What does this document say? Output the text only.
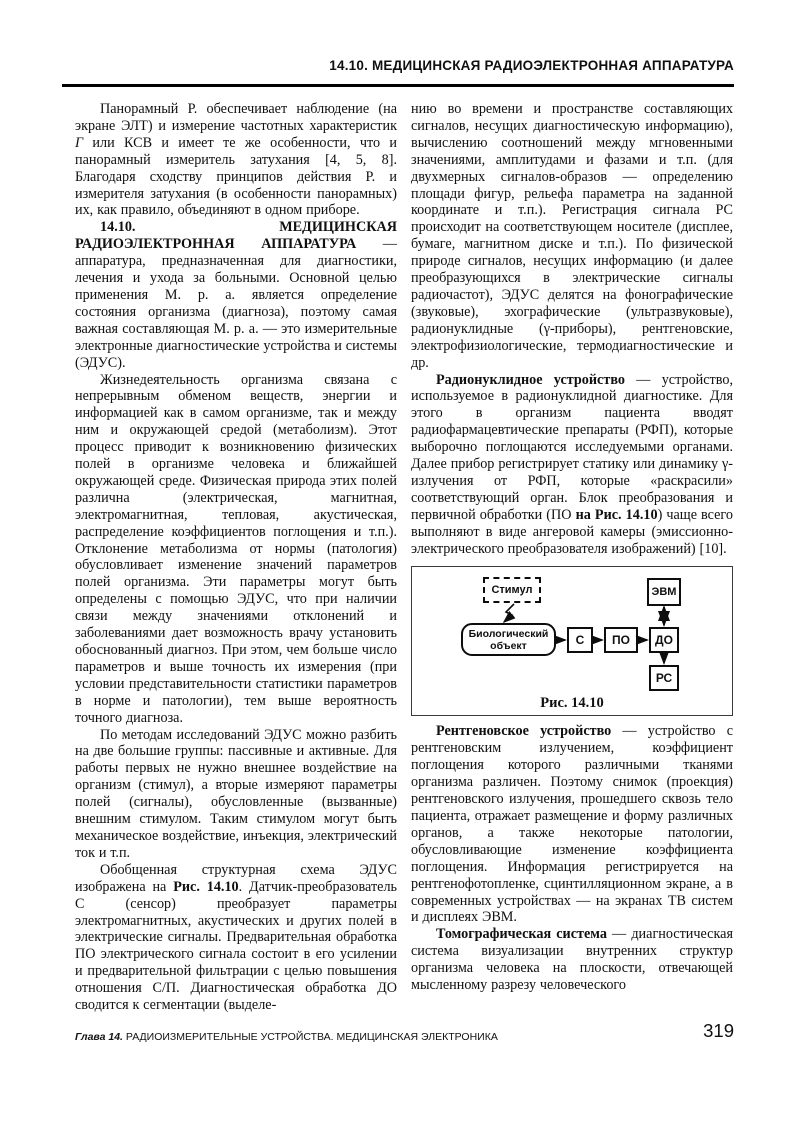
14.10. МЕДИЦИНСКАЯ РАДИОЭЛЕКТРОННАЯ АППАРАТУРА

Панорамный Р. обеспечивает наблюдение (на экране ЭЛТ) и измерение частотных характеристик Г или КСВ и имеет те же особенности, что и панорамный измеритель затухания [4, 5, 8]. Благодаря сходству принципов действия Р. и измерителя затухания (в особенности панорамных) их, как правило, объединяют в одном приборе.

14.10. МЕДИЦИНСКАЯ РАДИОЭЛЕКТРОННАЯ АППАРАТУРА — аппаратура, предназначенная для диагностики, лечения и ухода за больными. Основной целью применения М. р. а. является определение состояния организма (диагноза), поэтому самая важная составляющая М. р. а. — это измерительные электронные диагностические устройства и системы (ЭДУС).

Жизнедеятельность организма связана с непрерывным обменом веществ, энергии и информацией как в самом организме, так и между ним и окружающей средой (метаболизм). Этот процесс приводит к возникновению физических полей в организме человека и ближайшей окружающей среде. Физическая природа этих полей различна (электрическая, магнитная, электромагнитная, тепловая, акустическая, распределение коэффициентов поглощения и т.п.). Отклонение метаболизма от нормы (патология) обусловливает изменение значений параметров полей организма. Эти параметры могут быть определены с помощью ЭДУС, что при наличии связи между значениями отклонений и заболеваниями дает возможность врачу установить обоснованный диагноз. При этом, чем больше число параметров и выше точность их измерения (при условии представительности статистики параметров в норме и патологии), тем выше вероятность точного диагноза.

По методам исследований ЭДУС можно разбить на две большие группы: пассивные и активные. Для работы первых не нужно внешнее воздействие на организм (стимул), а вторые измеряют параметры полей (сигналы), обусловленные (вызванные) внешним стимулом. Таким стимулом могут быть механическое воздействие, инъекция, электрический ток и т.п.

Обобщенная структурная схема ЭДУС изображена на Рис. 14.10. Датчик-преобразователь С (сенсор) преобразует параметры электромагнитных, акустических и других полей в электрические сигналы. Предварительная обработка ПО электрического сигнала состоит в его усилении и предварительной фильтрации с целью повышения отношения С/П. Диагностическая обработка ДО сводится к сегментации (выделе-

нию во времени и пространстве составляющих сигналов, несущих диагностическую информацию), вычислению соотношений между мгновенными значениями, амплитудами и фазами и т.п. (для двухмерных сигналов-образов — определению площади фигур, рельефа параметра на заданной координате и т.п.). Регистрация сигнала РС происходит на соответствующем носителе (дисплее, бумаге, магнитном диске и т.п.). По физической природе сигналов, несущих информацию (и далее преобразующихся в электрические сигналы радиочастот), ЭДУС делятся на фонографические (звуковые), эхографические (ультразвуковые), радионуклидные (γ-приборы), рентгеновские, электрофизиологические, термодиагностические и др.

Радионуклидное устройство — устройство, используемое в радионуклидной диагностике. Для этого в организм пациента вводят радиофармацевтические препараты (РФП), которые выборочно поглощаются исследуемыми органами. Далее прибор регистрирует статику или динамику γ-излучения от РФП, которые «раскрасили» соответствующий орган. Блок преобразования и первичной обработки (ПО на Рис. 14.10) чаще всего выполняют в виде ангеровой камеры (эмиссионно-электрического преобразователя изображений) [10].

Стимул
Биологический
объект	С	ПО	ДО
ЭВМ
РС
Рис. 14.10

Рентгеновское устройство — устройство с рентгеновским излучением, коэффициент поглощения которого различными тканями организма различен. Поэтому снимок (проекция) рентгеновского излучения, прошедшего сквозь тело пациента, отражает размещение и форму различных органов, а также некоторые патологии, обусловливающие изменение коэффициента поглощения. Информация регистрируется на рентгенофотопленке, сцинтилляционном экране, а в современных устройствах — на экранах ТВ систем и дисплеях ЭВМ.

Томографическая система — диагностическая система визуализации внутренних структур организма человека на плоскости, отвечающей мысленному разрезу человеческого

Глава 14. РАДИОИЗМЕРИТЕЛЬНЫЕ УСТРОЙСТВА. МЕДИЦИНСКАЯ ЭЛЕКТРОНИКА	319
